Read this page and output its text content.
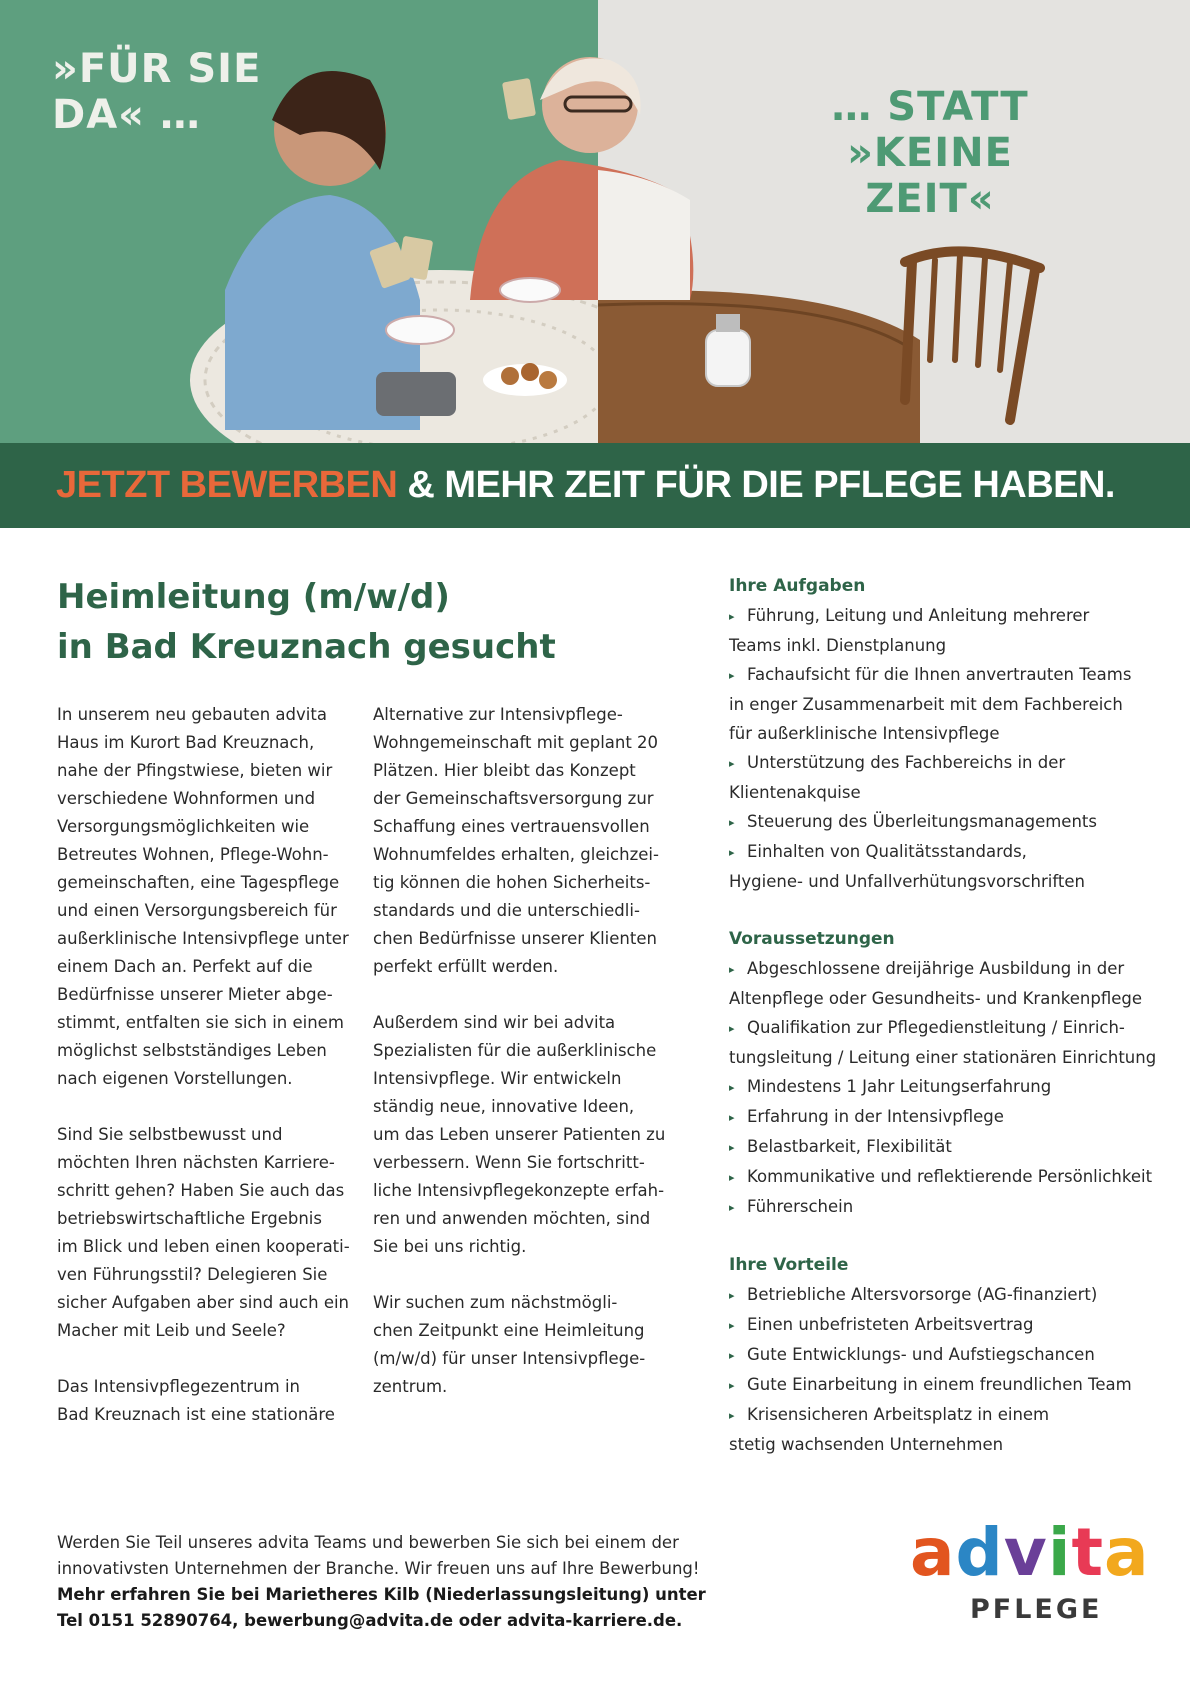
»FÜR SIE
DA« …	… STATT
»KEINE
ZEIT«
JETZT BEWERBEN & MEHR ZEIT FÜR DIE PFLEGE HABEN.
Heimleitung (m/w/d)
in Bad Kreuznach gesucht

In unserem neu gebauten advita
Haus im Kurort Bad Kreuznach,
nahe der Pfingstwiese, bieten wir
verschiedene Wohnformen und
Versorgungsmöglichkeiten wie
Betreutes Wohnen, Pflege-Wohn-
gemeinschaften, eine Tagespflege
und einen Versorgungsbereich für
außerklinische Intensivpflege unter
einem Dach an. Perfekt auf die
Bedürfnisse unserer Mieter abge-
stimmt, entfalten sie sich in einem
möglichst selbstständiges Leben
nach eigenen Vorstellungen.

Sind Sie selbstbewusst und
möchten Ihren nächsten Karriere-
schritt gehen? Haben Sie auch das
betriebswirtschaftliche Ergebnis
im Blick und leben einen kooperati-
ven Führungsstil? Delegieren Sie
sicher Aufgaben aber sind auch ein
Macher mit Leib und Seele?

Das Intensivpflegezentrum in
Bad Kreuznach ist eine stationäre

Alternative zur Intensivpflege-
Wohngemeinschaft mit geplant 20
Plätzen. Hier bleibt das Konzept
der Gemeinschaftsversorgung zur
Schaffung eines vertrauensvollen
Wohnumfeldes erhalten, gleichzei-
tig können die hohen Sicherheits-
standards und die unterschiedli-
chen Bedürfnisse unserer Klienten
perfekt erfüllt werden.

Außerdem sind wir bei advita
Spezialisten für die außerklinische
Intensivpflege. Wir entwickeln
ständig neue, innovative Ideen,
um das Leben unserer Patienten zu
verbessern. Wenn Sie fortschritt-
liche Intensivpflegekonzepte erfah-
ren und anwenden möchten, sind
Sie bei uns richtig.

Wir suchen zum nächstmögli-
chen Zeitpunkt eine Heimleitung
(m/w/d) für unser Intensivpflege-
zentrum.

Ihre Aufgaben
▸ Führung, Leitung und Anleitung mehrerer
Teams inkl. Dienstplanung
▸ Fachaufsicht für die Ihnen anvertrauten Teams
in enger Zusammenarbeit mit dem Fachbereich
für außerklinische Intensivpflege
▸ Unterstützung des Fachbereichs in der
Klientenakquise
▸ Steuerung des Überleitungsmanagements
▸ Einhalten von Qualitätsstandards,
Hygiene- und Unfallverhütungsvorschriften
Voraussetzungen
▸ Abgeschlossene dreijährige Ausbildung in der
Altenpflege oder Gesundheits- und Krankenpflege
▸ Qualifikation zur Pflegedienstleitung / Einrich-
tungsleitung / Leitung einer stationären Einrichtung
▸ Mindestens 1 Jahr Leitungserfahrung
▸ Erfahrung in der Intensivpflege
▸ Belastbarkeit, Flexibilität
▸ Kommunikative und reflektierende Persönlichkeit
▸ Führerschein
Ihre Vorteile
▸ Betriebliche Altersvorsorge (AG-finanziert)
▸ Einen unbefristeten Arbeitsvertrag
▸ Gute Entwicklungs- und Aufstiegschancen
▸ Gute Einarbeitung in einem freundlichen Team
▸ Krisensicheren Arbeitsplatz in einem
stetig wachsenden Unternehmen
Werden Sie Teil unseres advita Teams und bewerben Sie sich bei einem der
innovativsten Unternehmen der Branche. Wir freuen uns auf Ihre Bewerbung!
Mehr erfahren Sie bei Marietheres Kilb (Niederlassungsleitung) unter
Tel 0151 52890764, bewerbung@advita.de oder advita-karriere.de.
advita
PFLEGE
